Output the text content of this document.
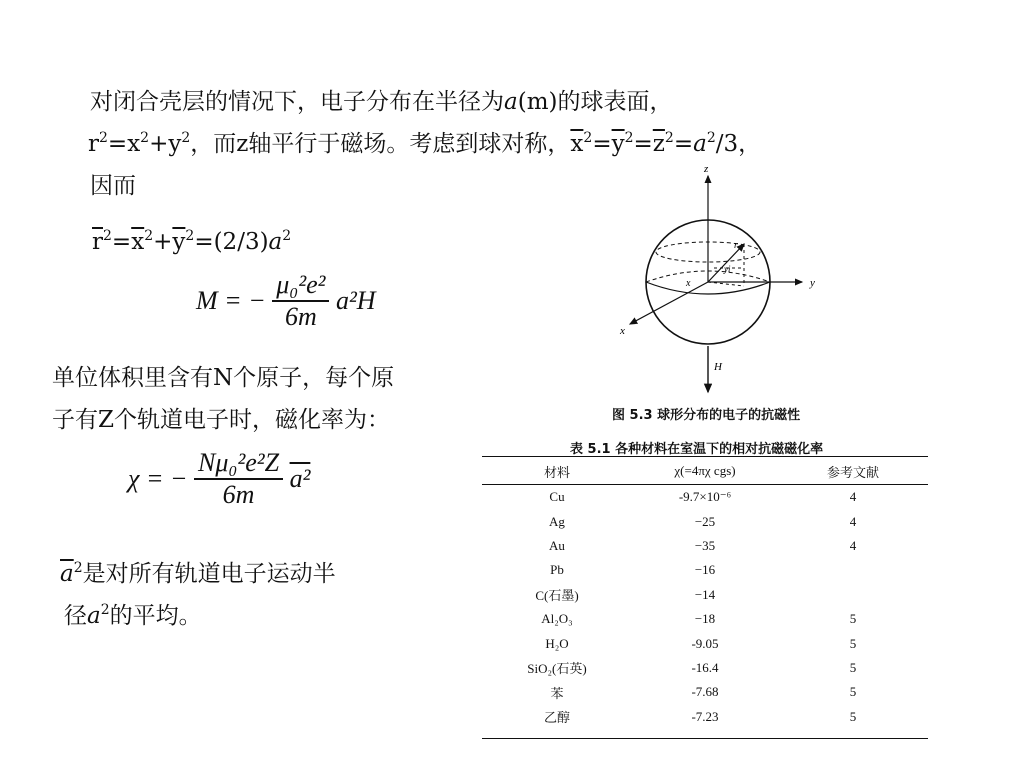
对闭合壳层的情况下，电子分布在半径为a(m)的球表面，
$r^2=x^2+y^2$，而z轴平行于磁场。考虑到球对称，$\overline{x}^2=\overline{y}^2=\overline{z}^2=a^2/3$，
因而
$\overline{r}^2=\overline{x}^2+\overline{y}^2=(2/3)a^2$
M = − $\frac{\text{μ₀²e²}}{6m} a^2H$
单位体积里含有N个原子，每个原
子有Z个轨道电子时，磁化率为：
χ = − $\frac{\text{Nμ₀²e²Z}}{6m} a^2$
$\overline{a}^2$是对所有轨道电子运动半
径$a^2$的平均。
z
y
x
x
r
yi
H
图 5.3 球形分布的电子的抗磁性
表 5.1 各种材料在室温下的相对抗磁磁化率
材料	χ(=4πχ cgs)	参考文献
Cu	-9.7×10⁻⁶	4
Ag	−25	4
Au	−35	4
Pb	−16	
C(石墨)	−14	
Al₂O₃	−18	5
H₂O	-9.05	5
SiO₂(石英)	-16.4	5
苯	-7.68	5
乙醇	-7.23	5
